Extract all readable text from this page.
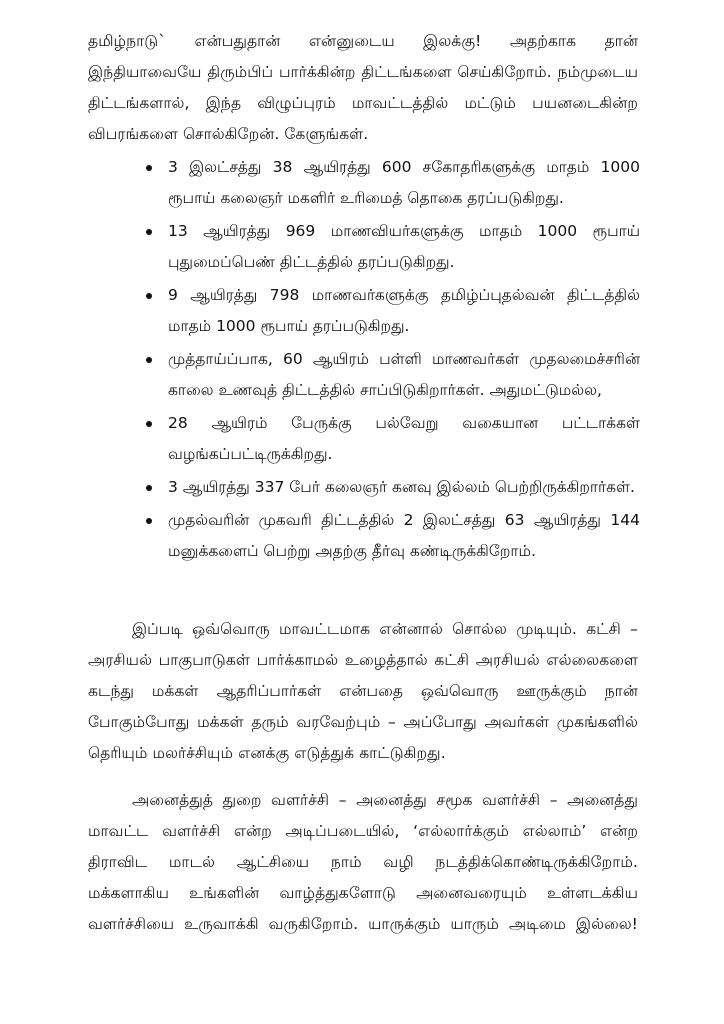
தமிழ்நாடு` என்பதுதான் என்னுடைய இலக்கு! அதற்காக தான் இந்தியாவையே திரும்பிப் பார்க்கின்ற திட்டங்களை செய்கிறோம். நம்முடைய திட்டங்களால், இந்த விழுப்புரம் மாவட்டத்தில் மட்டும் பயனடைகின்ற விபரங்களை சொல்கிறேன். கேளுங்கள்.

3 இலட்சத்து 38 ஆயிரத்து 600 சகோதரிகளுக்கு மாதம் 1000 ரூபாய் கலைஞர் மகளிர் உரிமைத் தொகை தரப்படுகிறது.
13 ஆயிரத்து 969 மாணவியர்களுக்கு மாதம் 1000 ரூபாய் புதுமைப்பெண் திட்டத்தில் தரப்படுகிறது.
9 ஆயிரத்து 798 மாணவர்களுக்கு தமிழ்ப்புதல்வன் திட்டத்தில் மாதம் 1000 ரூபாய் தரப்படுகிறது.
முத்தாய்ப்பாக, 60 ஆயிரம் பள்ளி மாணவர்கள் முதலமைச்சரின் காலை உணவுத் திட்டத்தில் சாப்பிடுகிறார்கள். அதுமட்டுமல்ல,
28 ஆயிரம் பேருக்கு பல்வேறு வகையான பட்டாக்கள் வழங்கப்பட்டிருக்கிறது.
3 ஆயிரத்து 337 பேர் கலைஞர் கனவு இல்லம் பெற்றிருக்கிறார்கள்.
முதல்வரின் முகவரி திட்டத்தில் 2 இலட்சத்து 63 ஆயிரத்து 144 மனுக்களைப் பெற்று அதற்கு தீர்வு கண்டிருக்கிறோம்.

இப்படி ஒவ்வொரு மாவட்டமாக என்னால் சொல்ல முடியும். கட்சி – அரசியல் பாகுபாடுகள் பார்க்காமல் உழைத்தால் கட்சி அரசியல் எல்லைகளை கடந்து மக்கள் ஆதரிப்பார்கள் என்பதை ஒவ்வொரு ஊருக்கும் நான் போகும்போது மக்கள் தரும் வரவேற்பும் – அப்போது அவர்கள் முகங்களில் தெரியும் மலர்ச்சியும் எனக்கு எடுத்துக் காட்டுகிறது.

அனைத்துத் துறை வளர்ச்சி – அனைத்து சமூக வளர்ச்சி – அனைத்து மாவட்ட வளர்ச்சி என்ற அடிப்படையில், ‘எல்லார்க்கும் எல்லாம்’ என்ற திராவிட மாடல் ஆட்சியை நாம் வழி நடத்திக்கொண்டிருக்கிறோம். மக்களாகிய உங்களின் வாழ்த்துகளோடு அனைவரையும் உள்ளடக்கிய வளர்ச்சியை உருவாக்கி வருகிறோம். யாருக்கும் யாரும் அடிமை இல்லை!
